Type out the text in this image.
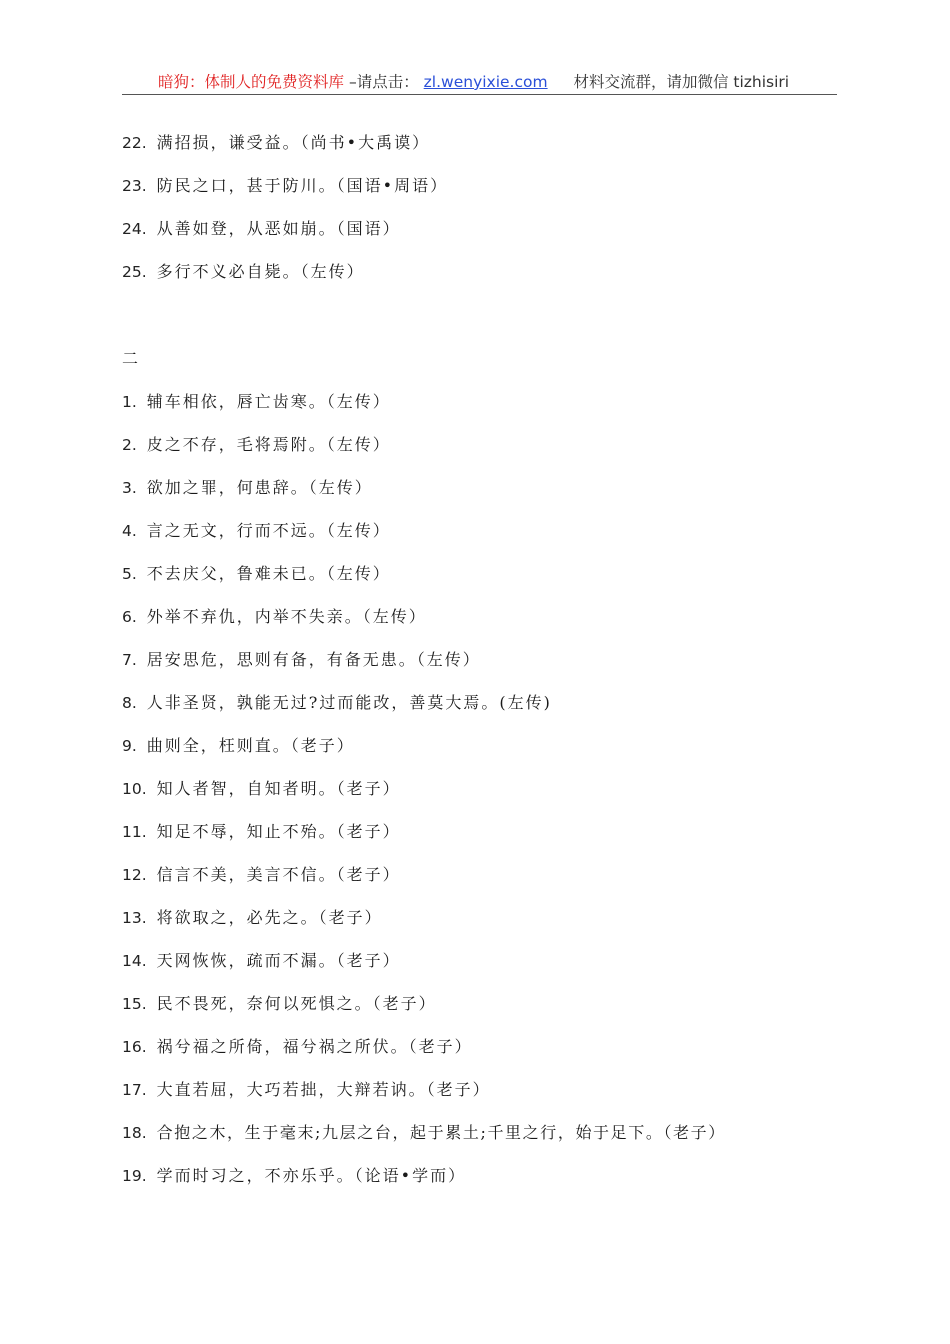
暗狗：体制人的免费资料库 –请点击： zl.wenyixie.com 材料交流群，请加微信 tizhisiri
22. 满招损，谦受益。（尚书•大禹谟）
23. 防民之口，甚于防川。（国语•周语）
24. 从善如登，从恶如崩。（国语）
25. 多行不义必自毙。（左传）
二
1. 辅车相依，唇亡齿寒。（左传）
2. 皮之不存，毛将焉附。（左传）
3. 欲加之罪，何患辞。（左传）
4. 言之无文，行而不远。（左传）
5. 不去庆父，鲁难未已。（左传）
6. 外举不弃仇，内举不失亲。（左传）
7. 居安思危，思则有备，有备无患。（左传）
8. 人非圣贤，孰能无过?过而能改，善莫大焉。(左传)
9. 曲则全，枉则直。（老子）
10. 知人者智，自知者明。（老子）
11. 知足不辱，知止不殆。（老子）
12. 信言不美，美言不信。（老子）
13. 将欲取之，必先之。（老子）
14. 天网恢恢，疏而不漏。（老子）
15. 民不畏死，奈何以死惧之。（老子）
16. 祸兮福之所倚，福兮祸之所伏。（老子）
17. 大直若屈，大巧若拙，大辩若讷。（老子）
18. 合抱之木，生于毫末;九层之台，起于累土;千里之行，始于足下。（老子）
19. 学而时习之，不亦乐乎。（论语•学而）
